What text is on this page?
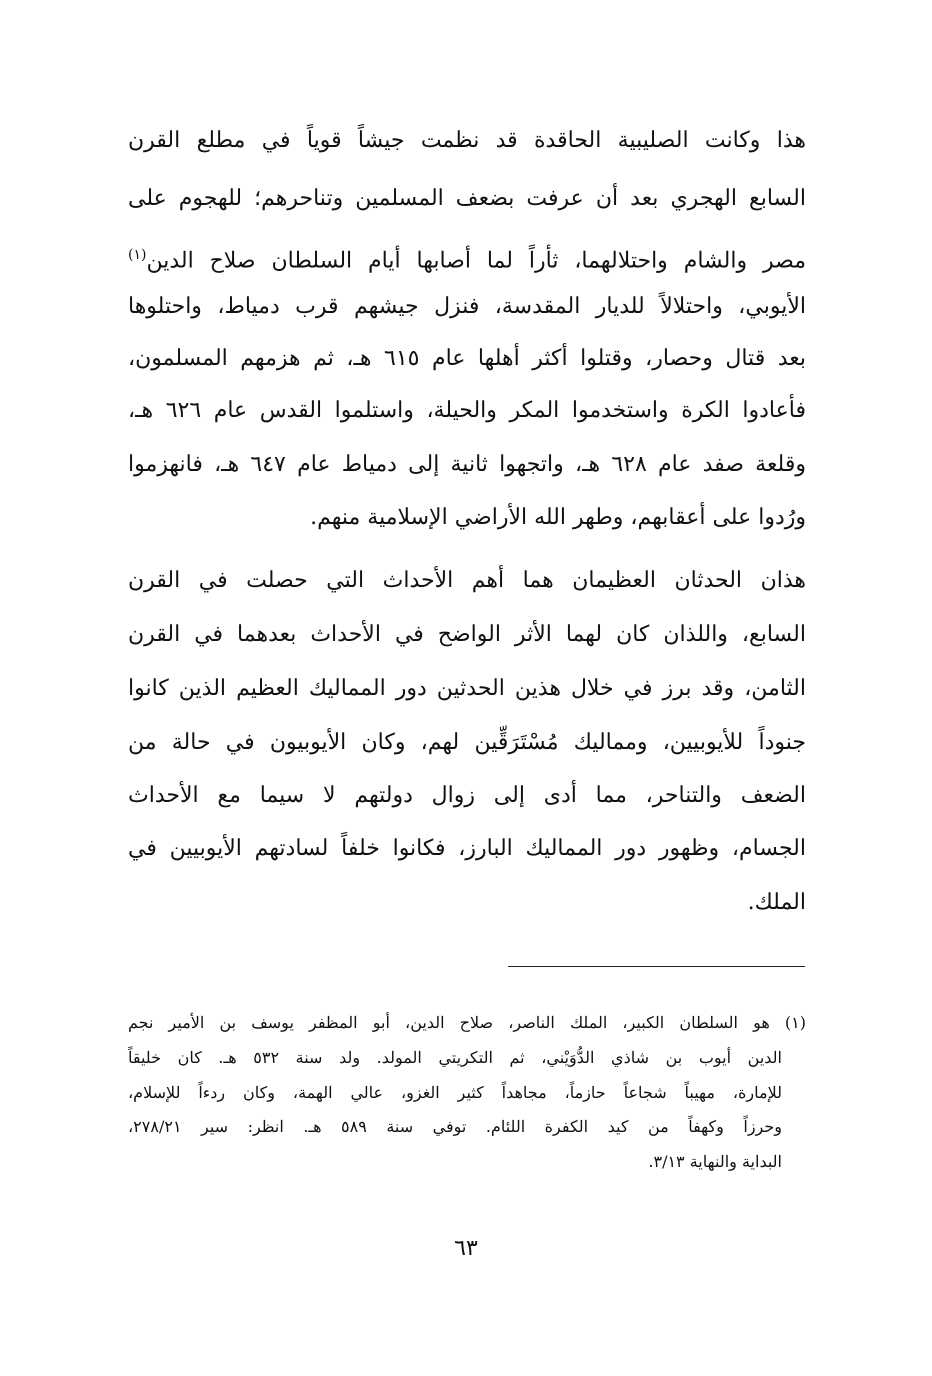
هذا وكانت الصليبية الحاقدة قد نظمت جيشاً قوياً في مطلع القرن
السابع الهجري بعد أن عرفت بضعف المسلمين وتناحرهم؛ للهجوم على
مصر والشام واحتلالهما، ثأراً لما أصابها أيام السلطان صلاح الدين$^{(١)}$
الأيوبي، واحتلالاً للديار المقدسة، فنزل جيشهم قرب دمياط، واحتلوها
بعد قتال وحصار، وقتلوا أكثر أهلها عام ٦١٥ هـ، ثم هزمهم المسلمون،
فأعادوا الكرة واستخدموا المكر والحيلة، واستلموا القدس عام ٦٢٦ هـ،
وقلعة صفد عام ٦٢٨ هـ، واتجهوا ثانية إلى دمياط عام ٦٤٧ هـ، فانهزموا
ورُدوا على أعقابهم، وطهر الله الأراضي الإسلامية منهم.
هذان الحدثان العظيمان هما أهم الأحداث التي حصلت في القرن
السابع، واللذان كان لهما الأثر الواضح في الأحداث بعدهما في القرن
الثامن، وقد برز في خلال هذين الحدثين دور المماليك العظيم الذين كانوا
جنوداً للأيوبيين، ومماليك مُسْتَرَقِّين لهم، وكان الأيوبيون في حالة من
الضعف والتناحر، مما أدى إلى زوال دولتهم لا سيما مع الأحداث
الجسام، وظهور دور المماليك البارز، فكانوا خلفاً لسادتهم الأيوبيين في
الملك.
(١) هو السلطان الكبير، الملك الناصر، صلاح الدين، أبو المظفر يوسف بن الأمير نجم
الدين أيوب بن شاذي الدُّوَيْني، ثم التكريتي المولد. ولد سنة ٥٣٢ هـ. كان خليقاً
للإمارة، مهيباً شجاعاً حازماً، مجاهداً كثير الغزو، عالي الهمة، وكان ردءاً للإسلام،
وحرزاً وكهفاً من كيد الكفرة اللئام. توفي سنة ٥٨٩ هـ. انظر: سير ٢٧٨/٢١،
البداية والنهاية ٣/١٣.
٦٣
